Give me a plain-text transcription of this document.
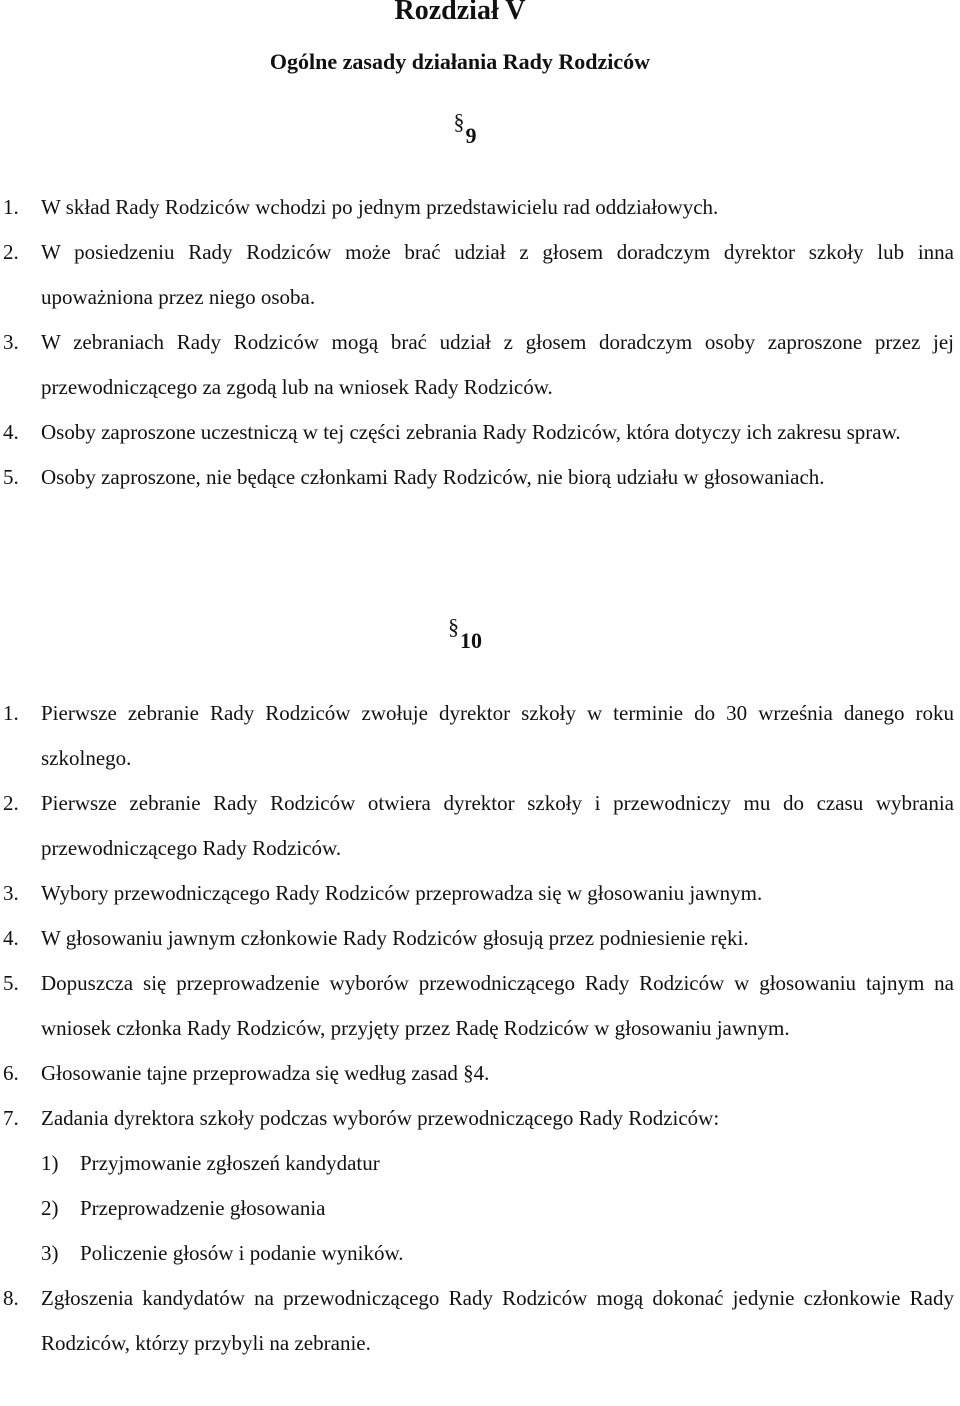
Rozdział V
Ogólne zasady działania Rady Rodziców
§9
1. W skład Rady Rodziców wchodzi po jednym przedstawicielu rad oddziałowych.
2. W posiedzeniu Rady Rodziców może brać udział z głosem doradczym dyrektor szkoły lub inna upoważniona przez niego osoba.
3. W zebraniach Rady Rodziców mogą brać udział z głosem doradczym osoby zaproszone przez jej przewodniczącego za zgodą lub na wniosek Rady Rodziców.
4. Osoby zaproszone uczestniczą w tej części zebrania Rady Rodziców, która dotyczy ich zakresu spraw.
5. Osoby zaproszone, nie będące członkami Rady Rodziców, nie biorą udziału w głosowaniach.
§10
1. Pierwsze zebranie Rady Rodziców zwołuje dyrektor szkoły w terminie do 30 września danego roku szkolnego.
2. Pierwsze zebranie Rady Rodziców otwiera dyrektor szkoły i przewodniczy mu do czasu wybrania przewodniczącego Rady Rodziców.
3. Wybory przewodniczącego Rady Rodziców przeprowadza się w głosowaniu jawnym.
4. W głosowaniu jawnym członkowie Rady Rodziców głosują przez podniesienie ręki.
5. Dopuszcza się przeprowadzenie wyborów przewodniczącego Rady Rodziców w głosowaniu tajnym na wniosek członka Rady Rodziców, przyjęty przez Radę Rodziców w głosowaniu jawnym.
6. Głosowanie tajne przeprowadza się według zasad §4.
7. Zadania dyrektora szkoły podczas wyborów przewodniczącego Rady Rodziców:
1) Przyjmowanie zgłoszeń kandydatur
2) Przeprowadzenie głosowania
3) Policzenie głosów i podanie wyników.
8. Zgłoszenia kandydatów na przewodniczącego Rady Rodziców mogą dokonać jedynie członkowie Rady Rodziców, którzy przybyli na zebranie.
